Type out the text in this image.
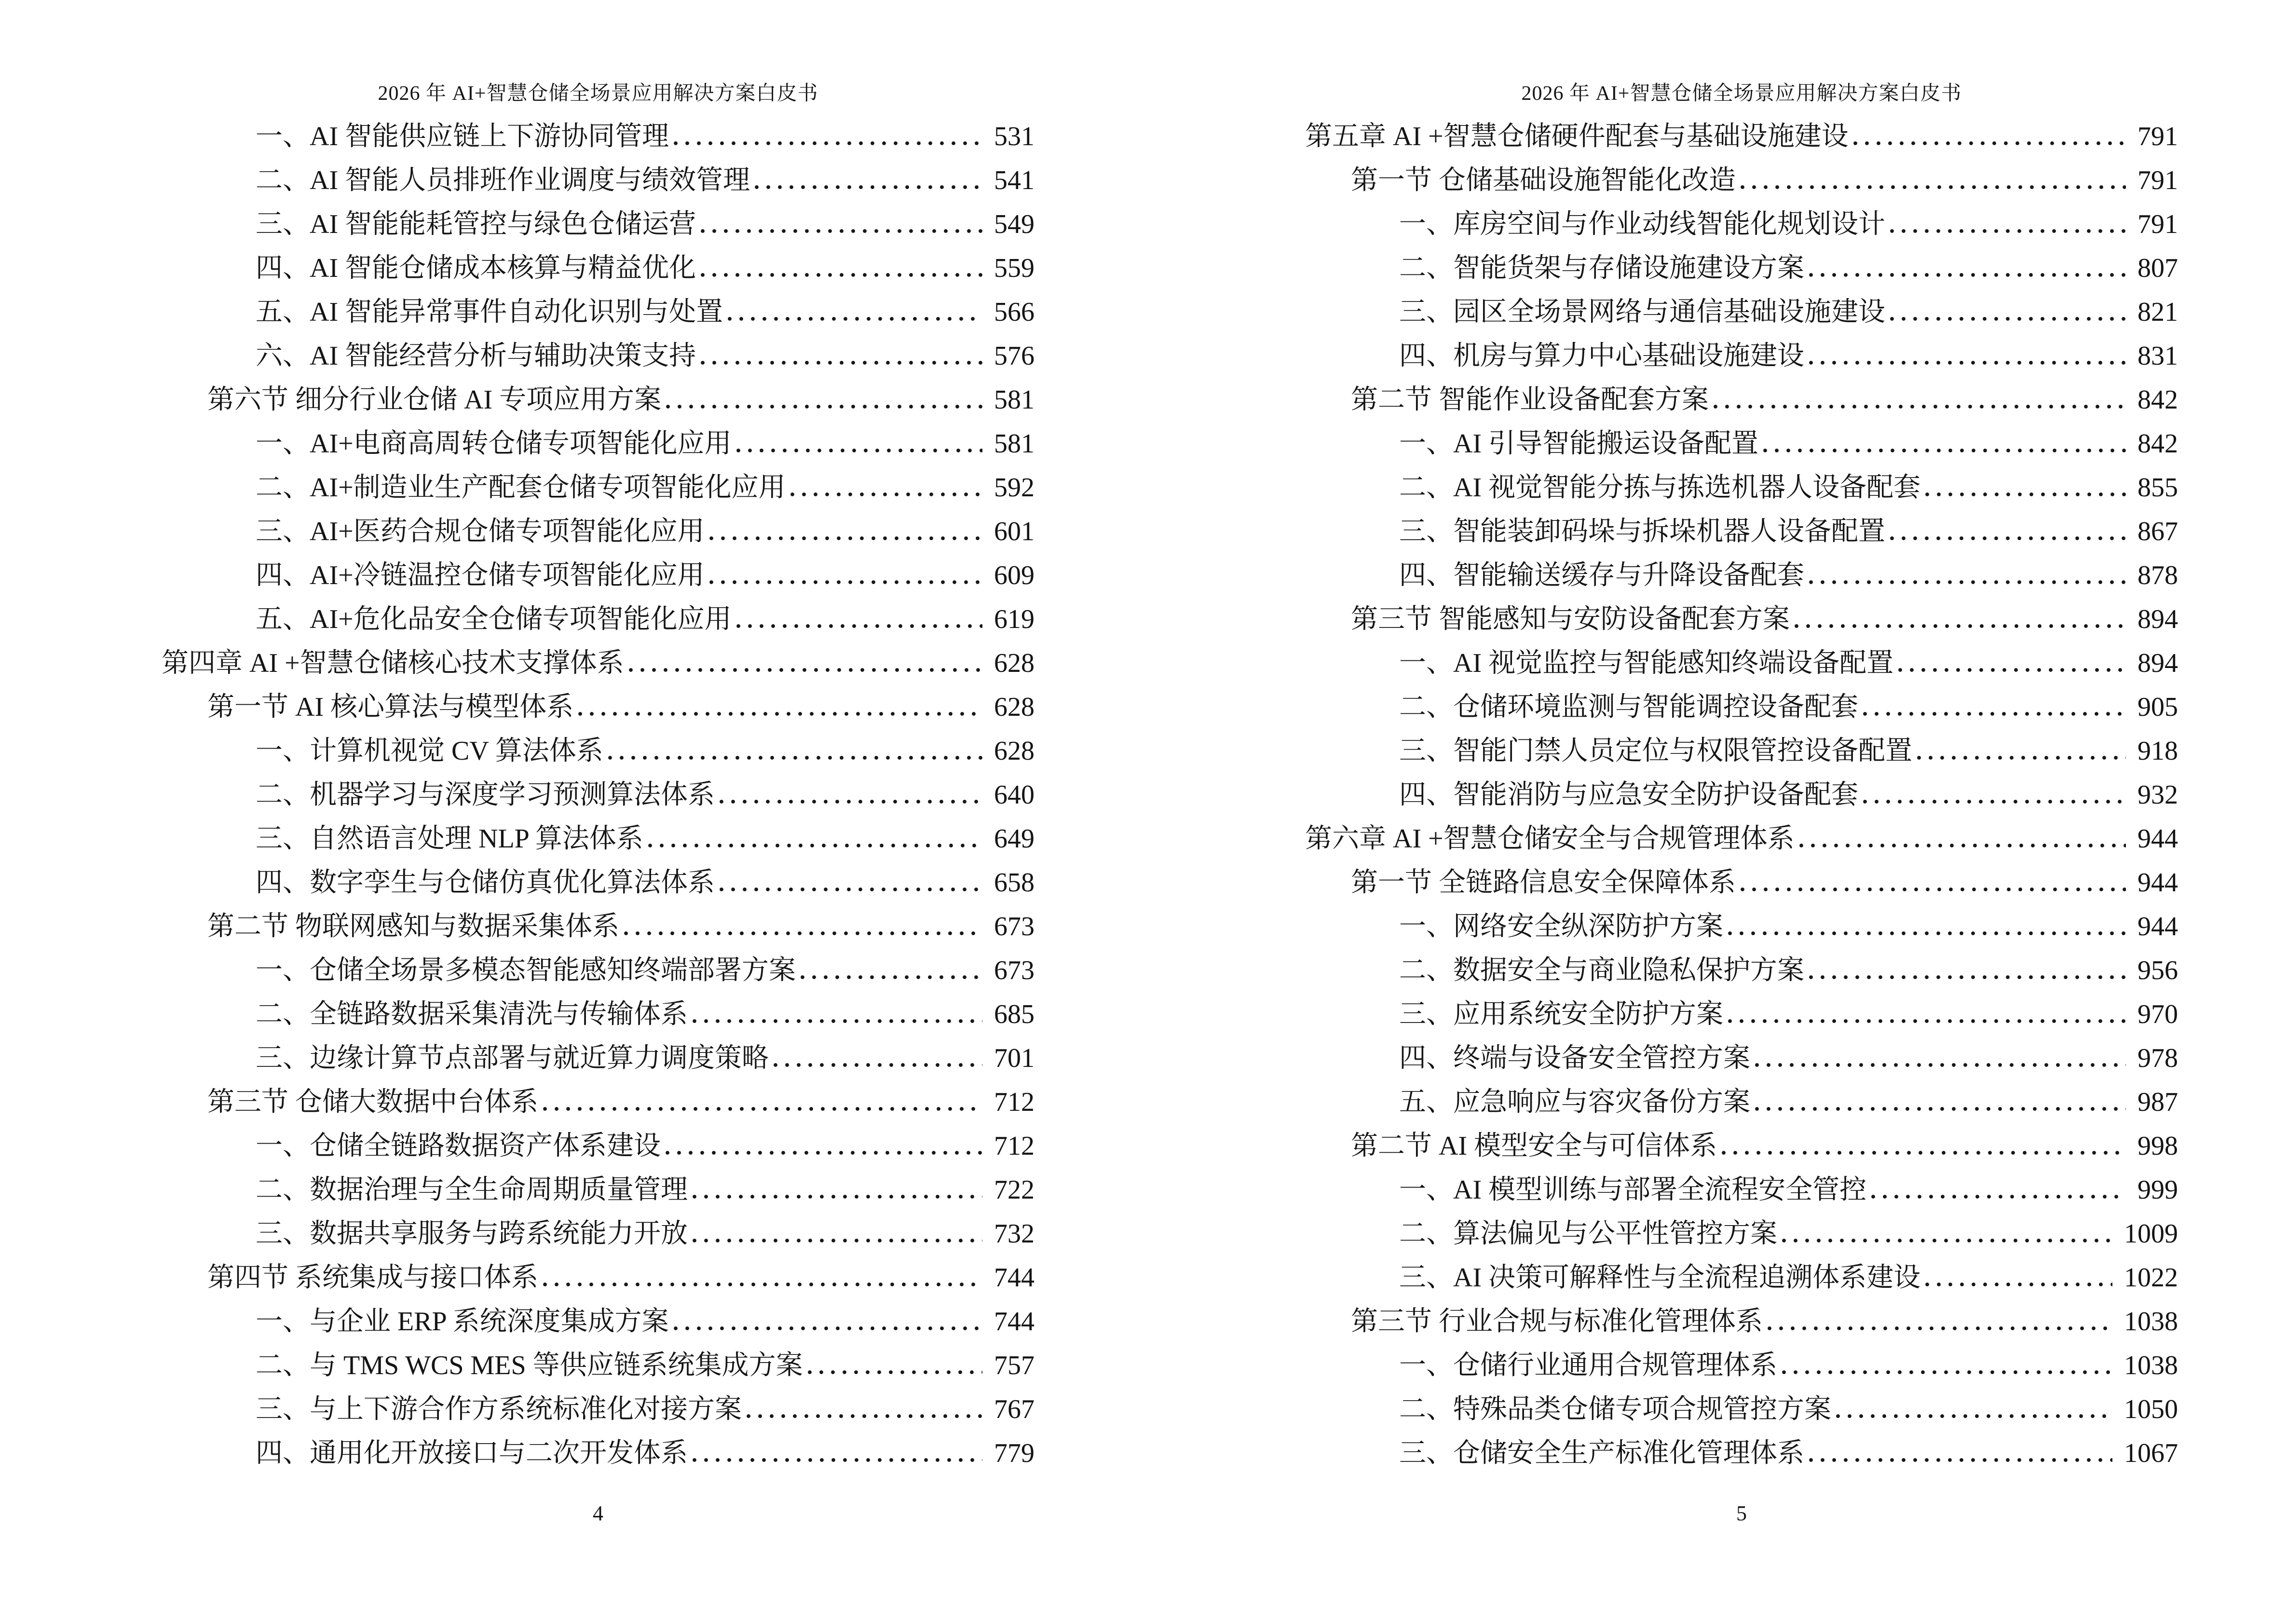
2026 年 AI+智慧仓储全场景应用解决方案白皮书
一、AI 智能供应链上下游协同管理	531
二、AI 智能人员排班作业调度与绩效管理	541
三、AI 智能能耗管控与绿色仓储运营	549
四、AI 智能仓储成本核算与精益优化	559
五、AI 智能异常事件自动化识别与处置	566
六、AI 智能经营分析与辅助决策支持	576
第六节 细分行业仓储 AI 专项应用方案	581
一、AI+电商高周转仓储专项智能化应用	581
二、AI+制造业生产配套仓储专项智能化应用	592
三、AI+医药合规仓储专项智能化应用	601
四、AI+冷链温控仓储专项智能化应用	609
五、AI+危化品安全仓储专项智能化应用	619
第四章 AI +智慧仓储核心技术支撑体系	628
第一节 AI 核心算法与模型体系	628
一、计算机视觉 CV 算法体系	628
二、机器学习与深度学习预测算法体系	640
三、自然语言处理 NLP 算法体系	649
四、数字孪生与仓储仿真优化算法体系	658
第二节 物联网感知与数据采集体系	673
一、仓储全场景多模态智能感知终端部署方案	673
二、全链路数据采集清洗与传输体系	685
三、边缘计算节点部署与就近算力调度策略	701
第三节 仓储大数据中台体系	712
一、仓储全链路数据资产体系建设	712
二、数据治理与全生命周期质量管理	722
三、数据共享服务与跨系统能力开放	732
第四节 系统集成与接口体系	744
一、与企业 ERP 系统深度集成方案	744
二、与 TMS WCS MES 等供应链系统集成方案	757
三、与上下游合作方系统标准化对接方案	767
四、通用化开放接口与二次开发体系	779
4
2026 年 AI+智慧仓储全场景应用解决方案白皮书
第五章 AI +智慧仓储硬件配套与基础设施建设	791
第一节 仓储基础设施智能化改造	791
一、库房空间与作业动线智能化规划设计	791
二、智能货架与存储设施建设方案	807
三、园区全场景网络与通信基础设施建设	821
四、机房与算力中心基础设施建设	831
第二节 智能作业设备配套方案	842
一、AI 引导智能搬运设备配置	842
二、AI 视觉智能分拣与拣选机器人设备配套	855
三、智能装卸码垛与拆垛机器人设备配置	867
四、智能输送缓存与升降设备配套	878
第三节 智能感知与安防设备配套方案	894
一、AI 视觉监控与智能感知终端设备配置	894
二、仓储环境监测与智能调控设备配套	905
三、智能门禁人员定位与权限管控设备配置	918
四、智能消防与应急安全防护设备配套	932
第六章 AI +智慧仓储安全与合规管理体系	944
第一节 全链路信息安全保障体系	944
一、网络安全纵深防护方案	944
二、数据安全与商业隐私保护方案	956
三、应用系统安全防护方案	970
四、终端与设备安全管控方案	978
五、应急响应与容灾备份方案	987
第二节 AI 模型安全与可信体系	998
一、AI 模型训练与部署全流程安全管控	999
二、算法偏见与公平性管控方案	1009
三、AI 决策可解释性与全流程追溯体系建设	1022
第三节 行业合规与标准化管理体系	1038
一、仓储行业通用合规管理体系	1038
二、特殊品类仓储专项合规管控方案	1050
三、仓储安全生产标准化管理体系	1067
5
